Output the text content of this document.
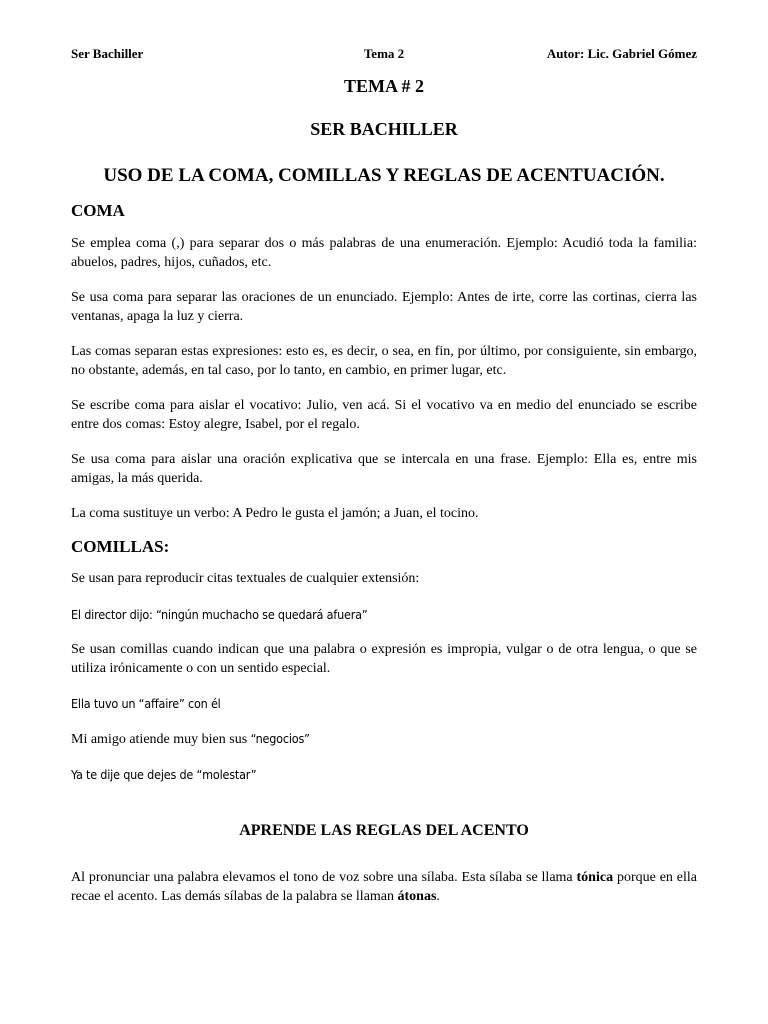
Ser Bachiller	Tema 2	Autor: Lic. Gabriel Gómez

TEMA # 2

SER BACHILLER

USO DE LA COMA, COMILLAS Y REGLAS DE ACENTUACIÓN.

COMA

Se emplea coma (,) para separar dos o más palabras de una enumeración. Ejemplo: Acudió toda la familia: abuelos, padres, hijos, cuñados, etc.

Se usa coma para separar las oraciones de un enunciado. Ejemplo: Antes de irte, corre las cortinas, cierra las ventanas, apaga la luz y cierra.

Las comas separan estas expresiones: esto es, es decir, o sea, en fin, por último, por consiguiente, sin embargo, no obstante, además, en tal caso, por lo tanto, en cambio, en primer lugar, etc.

Se escribe coma para aislar el vocativo: Julio, ven acá. Si el vocativo va en medio del enunciado se escribe entre dos comas: Estoy alegre, Isabel, por el regalo.

Se usa coma para aislar una oración explicativa que se intercala en una frase. Ejemplo: Ella es, entre mis amigas, la más querida.

La coma sustituye un verbo: A Pedro le gusta el jamón; a Juan, el tocino.

COMILLAS:

Se usan para reproducir citas textuales de cualquier extensión:

El director dijo: “ningún muchacho se quedará afuera”

Se usan comillas cuando indican que una palabra o expresión es impropia, vulgar o de otra lengua, o que se utiliza irónicamente o con un sentido especial.

Ella tuvo un “affaire” con él

Mi amigo atiende muy bien sus “negocios”

Ya te dije que dejes de “molestar”

APRENDE LAS REGLAS DEL ACENTO

Al pronunciar una palabra elevamos el tono de voz sobre una sílaba. Esta sílaba se llama tónica porque en ella recae el acento. Las demás sílabas de la palabra se llaman átonas.
